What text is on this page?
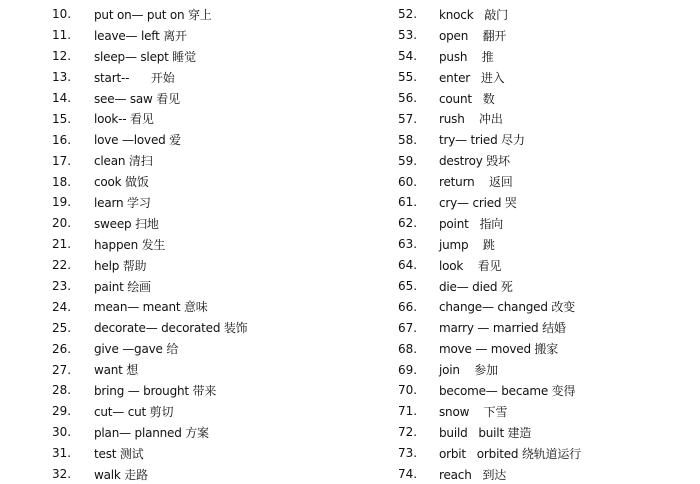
10.	put on— put on 穿上
11.	leave— left 离开
12.	sleep— slept 睡觉
13.	start--      开始
14.	see— saw 看见
15.	look-- 看见
16.	love —loved 爱
17.	clean 清扫
18.	cook 做饭
19.	learn 学习
20.	sweep 扫地
21.	happen 发生
22.	help 帮助
23.	paint 绘画
24.	mean— meant 意味
25.	decorate— decorated 装饰
26.	give —gave 给
27.	want 想
28.	bring — brought 带来
29.	cut— cut 剪切
30.	plan— planned 方案
31.	test 测试
32.	walk 走路
52.	knock   敲门
53.	open    翻开
54.	push    推
55.	enter   进入
56.	count   数
57.	rush    冲出
58.	try— tried 尽力
59.	destroy 毁坏
60.	return    返回
61.	cry— cried 哭
62.	point   指向
63.	jump    跳
64.	look    看见
65.	die— died 死
66.	change— changed 改变
67.	marry — married 结婚
68.	move — moved 搬家
69.	join    参加
70.	become— became 变得
71.	snow    下雪
72.	build   built 建造
73.	orbit   orbited 绕轨道运行
74.	reach   到达
